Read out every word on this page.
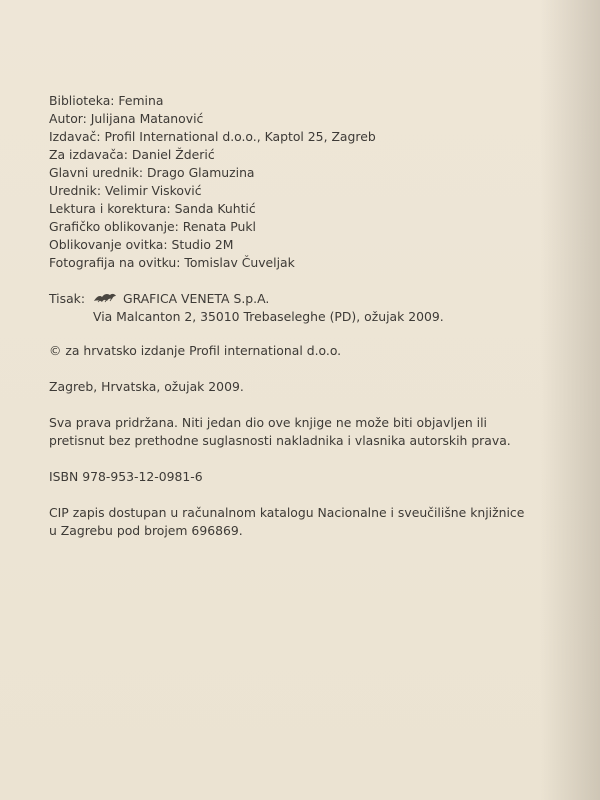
Biblioteka: Femina
Autor: Julijana Matanović
Izdavač: Profil International d.o.o., Kaptol 25, Zagreb
Za izdavača: Daniel Žderić
Glavni urednik: Drago Glamuzina
Urednik: Velimir Visković
Lektura i korektura: Sanda Kuhtić
Grafičko oblikovanje: Renata Pukl
Oblikovanje ovitka: Studio 2M
Fotografija na ovitku: Tomislav Čuveljak
Tisak:	GRAFICA VENETA S.p.A.
Via Malcanton 2, 35010 Trebaseleghe (PD), ožujak 2009.
© za hrvatsko izdanje Profil international d.o.o.
Zagreb, Hrvatska, ožujak 2009.
Sva prava pridržana. Niti jedan dio ove knjige ne može biti objavljen ili
pretisnut bez prethodne suglasnosti nakladnika i vlasnika autorskih prava.
ISBN 978-953-12-0981-6
CIP zapis dostupan u računalnom katalogu Nacionalne i sveučilišne knjižnice
u Zagrebu pod brojem 696869.
